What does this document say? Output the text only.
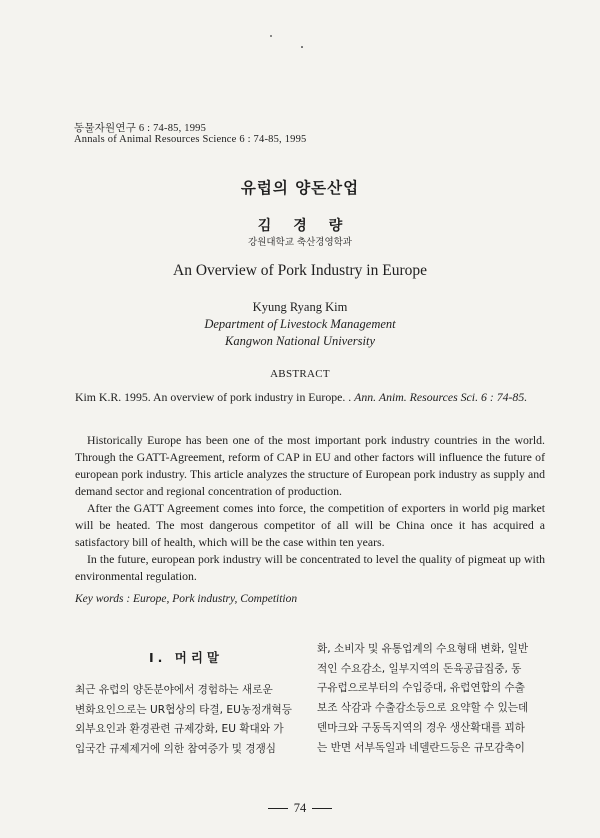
동물자원연구 6 : 74-85, 1995
Annals of Animal Resources Science 6 : 74-85, 1995
유럽의 양돈산업
김경량
강원대학교 축산경영학과
An Overview of Pork Industry in Europe
Kyung Ryang Kim
Department of Livestock Management
Kangwon National University
ABSTRACT
Kim K.R. 1995. An overview of pork industry in Europe. . Ann. Anim. Resources Sci. 6 : 74-85.

Historically Europe has been one of the most important pork industry countries in the world. Through the GATT-Agreement, reform of CAP in EU and other factors will influence the future of european pork industry. This article analyzes the structure of European pork industry as supply and demand sector and regional concentration of production.

After the GATT Agreement comes into force, the competition of exporters in world pig market will be heated. The most dangerous competitor of all will be China once it has acquired a satisfactory bill of health, which will be the case within ten years.

In the future, european pork industry will be concentrated to level the quality of pigmeat up with environmental regulation.

Key words : Europe, Pork industry, Competition
Ⅰ. 머리말
최근 유럽의 양돈분야에서 경험하는 새로운
변화요인으로는 UR협상의 타결, EU농정개혁등
외부요인과 환경관련 규제강화, EU 확대와 가
입국간 규제제거에 의한 참여증가 및 경쟁심
화, 소비자 및 유통업계의 수요형태 변화, 일반
적인 수요감소, 일부지역의 돈육공급집중, 동
구유럽으로부터의 수입증대, 유럽연합의 수출
보조 삭감과 수출감소등으로 요약할 수 있는데
덴마크와 구동독지역의 경우 생산확대를 꾀하
는 반면 서부독일과 네델란드등은 규모감축이
74
